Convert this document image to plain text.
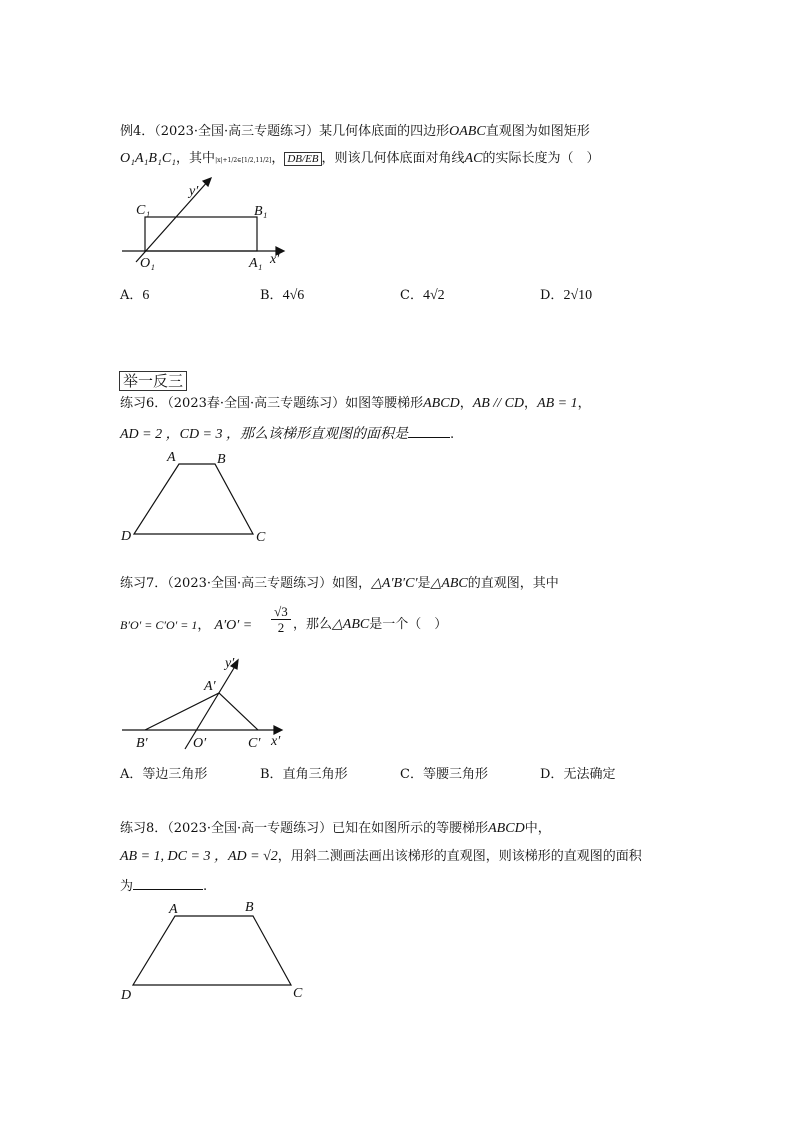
例4．（2023·全国·高三专题练习）某几何体底面的四边形OABC直观图为如图矩形
O₁A₁B₁C₁，其中|x|+1/2∈[1/2,11/2]， DB/EB ，则该几何体底面对角线AC的实际长度为（　）
y′
C₁	B₁
O₁	A₁ x′
A	B
D	C
y′
A′
B′	O′	C′ x′
A	B
D	C
A．6	B．4√6	C．4√2	D．2√10
举一反三
练习6．（2023春·全国·高三专题练习）如图等腰梯形ABCD，AB // CD，AB = 1，
AD = 2 ，CD = 3 ，那么该梯形直观图的面积是	.
练习7．（2023·全国·高三专题练习）如图，△A′B′C′是△ABC的直观图，其中
B′O′ = C′O′ = 1， $A'O' = \frac{√3}{2}$ ，那么△ABC是一个（　）
A．等边三角形	B．直角三角形	C．等腰三角形	D．无法确定
练习8．（2023·全国·高一专题练习）已知在如图所示的等腰梯形ABCD中，
AB = 1, DC = 3 ，AD = √2，用斜二测画法画出该梯形的直观图，则该梯形的直观图的面积
为	.
